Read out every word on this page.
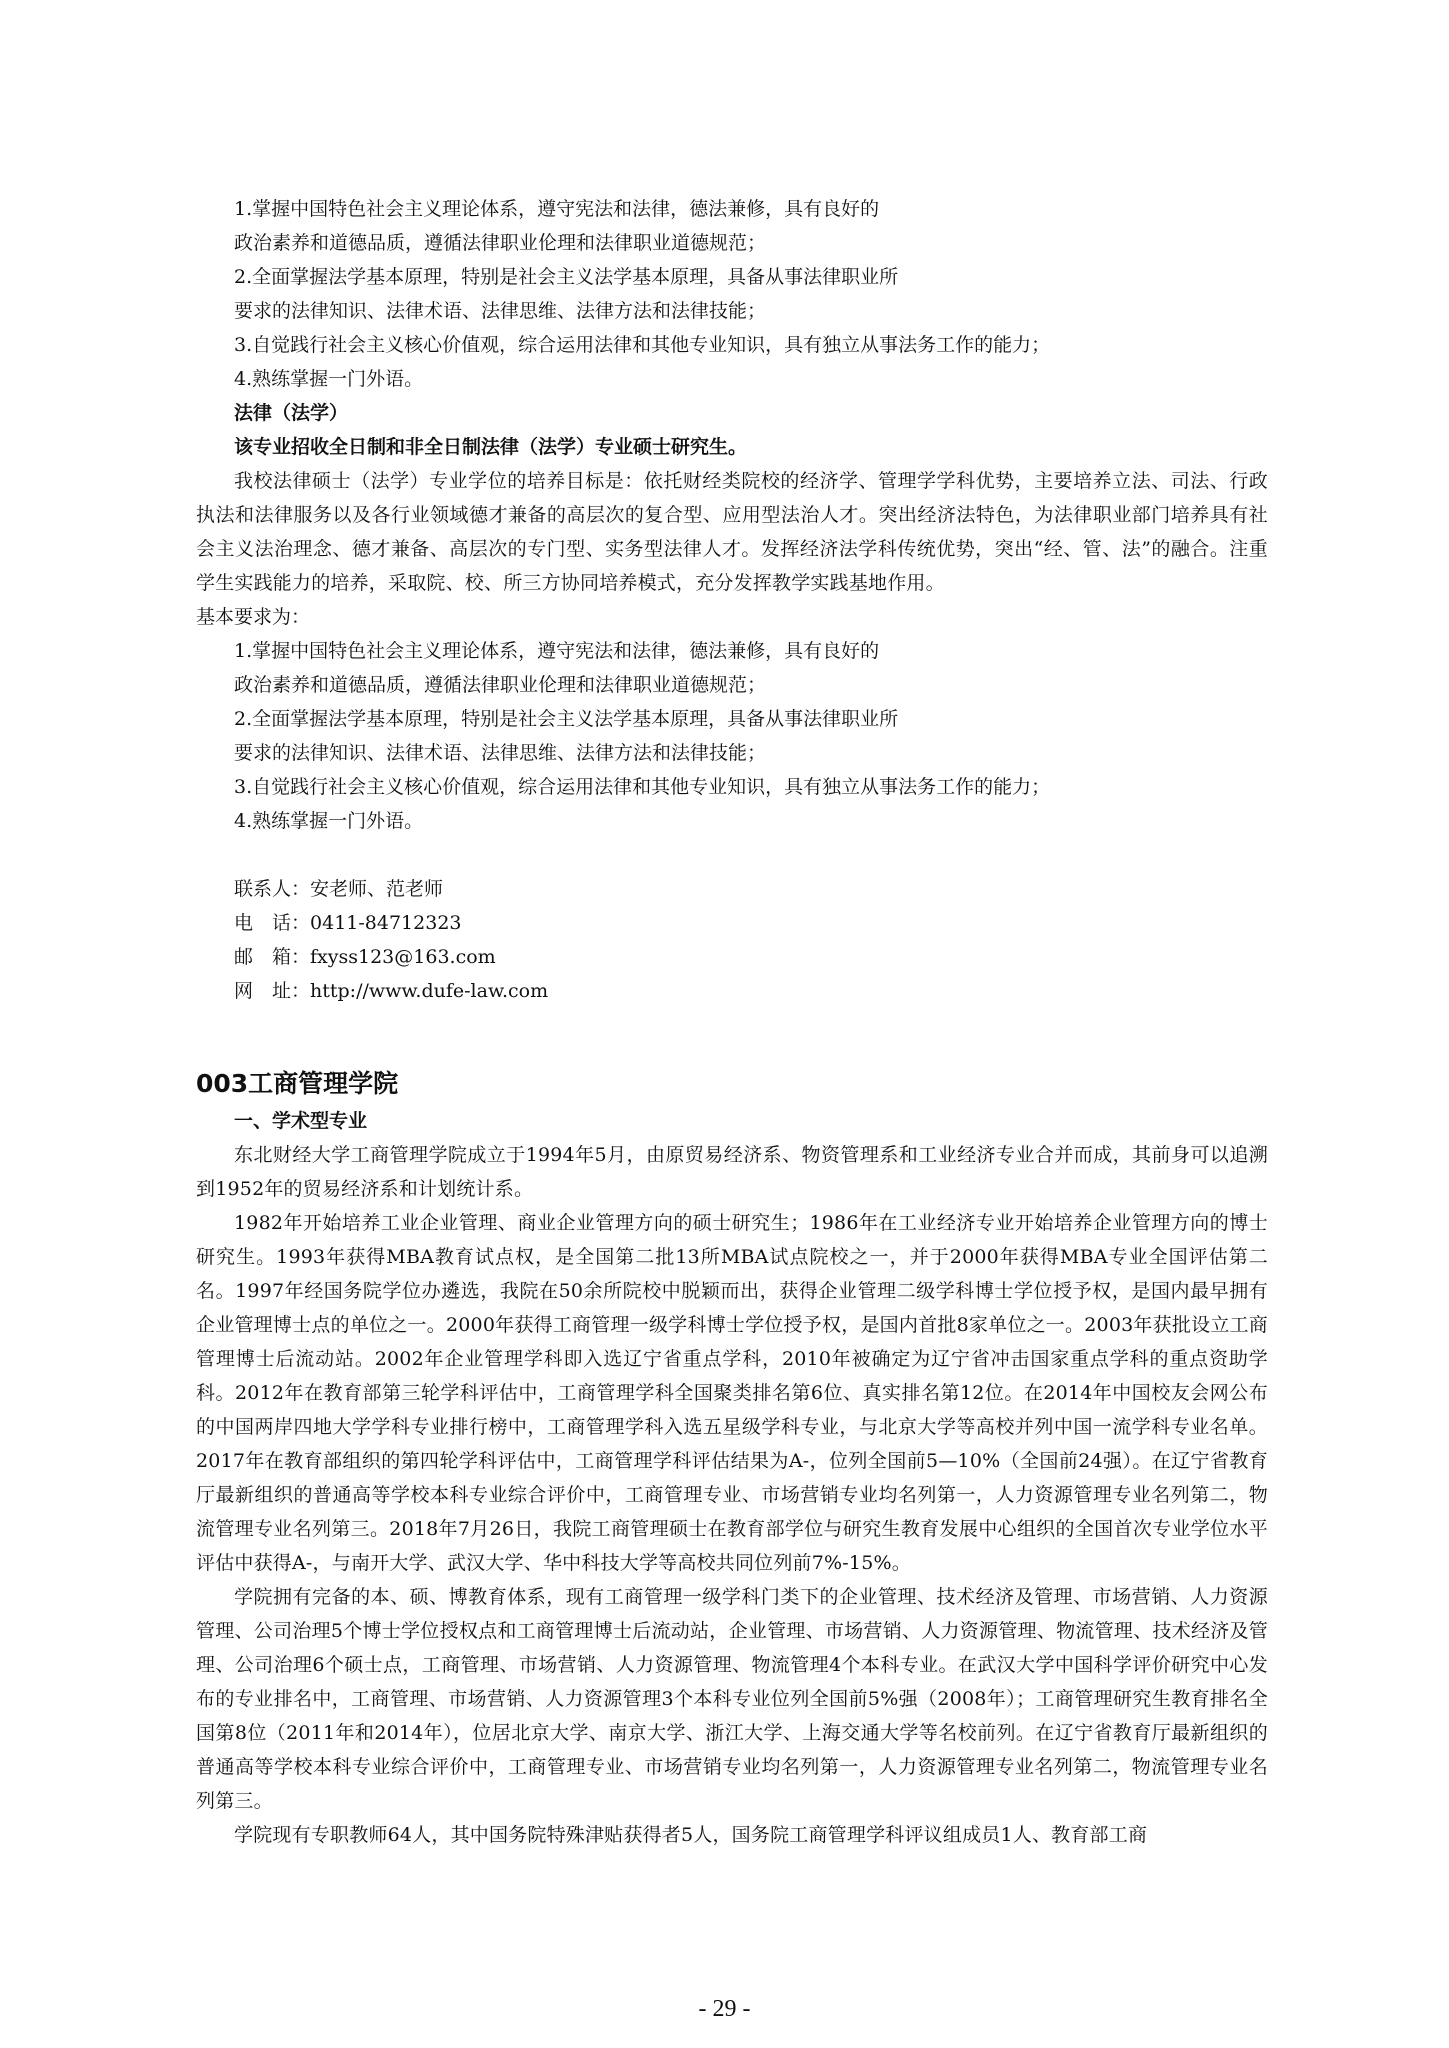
1.掌握中国特色社会主义理论体系，遵守宪法和法律，德法兼修，具有良好的
政治素养和道德品质，遵循法律职业伦理和法律职业道德规范；
2.全面掌握法学基本原理，特别是社会主义法学基本原理，具备从事法律职业所
要求的法律知识、法律术语、法律思维、法律方法和法律技能；
3.自觉践行社会主义核心价值观，综合运用法律和其他专业知识，具有独立从事法务工作的能力；
4.熟练掌握一门外语。
法律（法学）
该专业招收全日制和非全日制法律（法学）专业硕士研究生。
我校法律硕士（法学）专业学位的培养目标是：依托财经类院校的经济学、管理学学科优势，主要培养立法、司法、行政执法和法律服务以及各行业领域德才兼备的高层次的复合型、应用型法治人才。突出经济法特色，为法律职业部门培养具有社会主义法治理念、德才兼备、高层次的专门型、实务型法律人才。发挥经济法学科传统优势，突出“经、管、法”的融合。注重学生实践能力的培养，采取院、校、所三方协同培养模式，充分发挥教学实践基地作用。
基本要求为：
1.掌握中国特色社会主义理论体系，遵守宪法和法律，德法兼修，具有良好的
政治素养和道德品质，遵循法律职业伦理和法律职业道德规范；
2.全面掌握法学基本原理，特别是社会主义法学基本原理，具备从事法律职业所
要求的法律知识、法律术语、法律思维、法律方法和法律技能；
3.自觉践行社会主义核心价值观，综合运用法律和其他专业知识，具有独立从事法务工作的能力；
4.熟练掌握一门外语。
联系人：安老师、范老师
电　话：0411-84712323
邮　箱：fxyss123@163.com
网　址：http://www.dufe-law.com
003工商管理学院
一、学术型专业
东北财经大学工商管理学院成立于1994年5月，由原贸易经济系、物资管理系和工业经济专业合并而成，其前身可以追溯到1952年的贸易经济系和计划统计系。
1982年开始培养工业企业管理、商业企业管理方向的硕士研究生；1986年在工业经济专业开始培养企业管理方向的博士研究生。1993年获得MBA教育试点权，是全国第二批13所MBA试点院校之一，并于2000年获得MBA专业全国评估第二名。1997年经国务院学位办遴选，我院在50余所院校中脱颖而出，获得企业管理二级学科博士学位授予权，是国内最早拥有企业管理博士点的单位之一。2000年获得工商管理一级学科博士学位授予权，是国内首批8家单位之一。2003年获批设立工商管理博士后流动站。2002年企业管理学科即入选辽宁省重点学科，2010年被确定为辽宁省冲击国家重点学科的重点资助学科。2012年在教育部第三轮学科评估中，工商管理学科全国聚类排名第6位、真实排名第12位。在2014年中国校友会网公布的中国两岸四地大学学科专业排行榜中，工商管理学科入选五星级学科专业，与北京大学等高校并列中国一流学科专业名单。2017年在教育部组织的第四轮学科评估中，工商管理学科评估结果为A-，位列全国前5—10%（全国前24强）。在辽宁省教育厅最新组织的普通高等学校本科专业综合评价中，工商管理专业、市场营销专业均名列第一，人力资源管理专业名列第二，物流管理专业名列第三。2018年7月26日，我院工商管理硕士在教育部学位与研究生教育发展中心组织的全国首次专业学位水平评估中获得A-，与南开大学、武汉大学、华中科技大学等高校共同位列前7%-15%。
学院拥有完备的本、硕、博教育体系，现有工商管理一级学科门类下的企业管理、技术经济及管理、市场营销、人力资源管理、公司治理5个博士学位授权点和工商管理博士后流动站，企业管理、市场营销、人力资源管理、物流管理、技术经济及管理、公司治理6个硕士点，工商管理、市场营销、人力资源管理、物流管理4个本科专业。在武汉大学中国科学评价研究中心发布的专业排名中，工商管理、市场营销、人力资源管理3个本科专业位列全国前5%强（2008年）；工商管理研究生教育排名全国第8位（2011年和2014年），位居北京大学、南京大学、浙江大学、上海交通大学等名校前列。在辽宁省教育厅最新组织的普通高等学校本科专业综合评价中，工商管理专业、市场营销专业均名列第一，人力资源管理专业名列第二，物流管理专业名列第三。
学院现有专职教师64人，其中国务院特殊津贴获得者5人，国务院工商管理学科评议组成员1人、教育部工商
- 29 -
